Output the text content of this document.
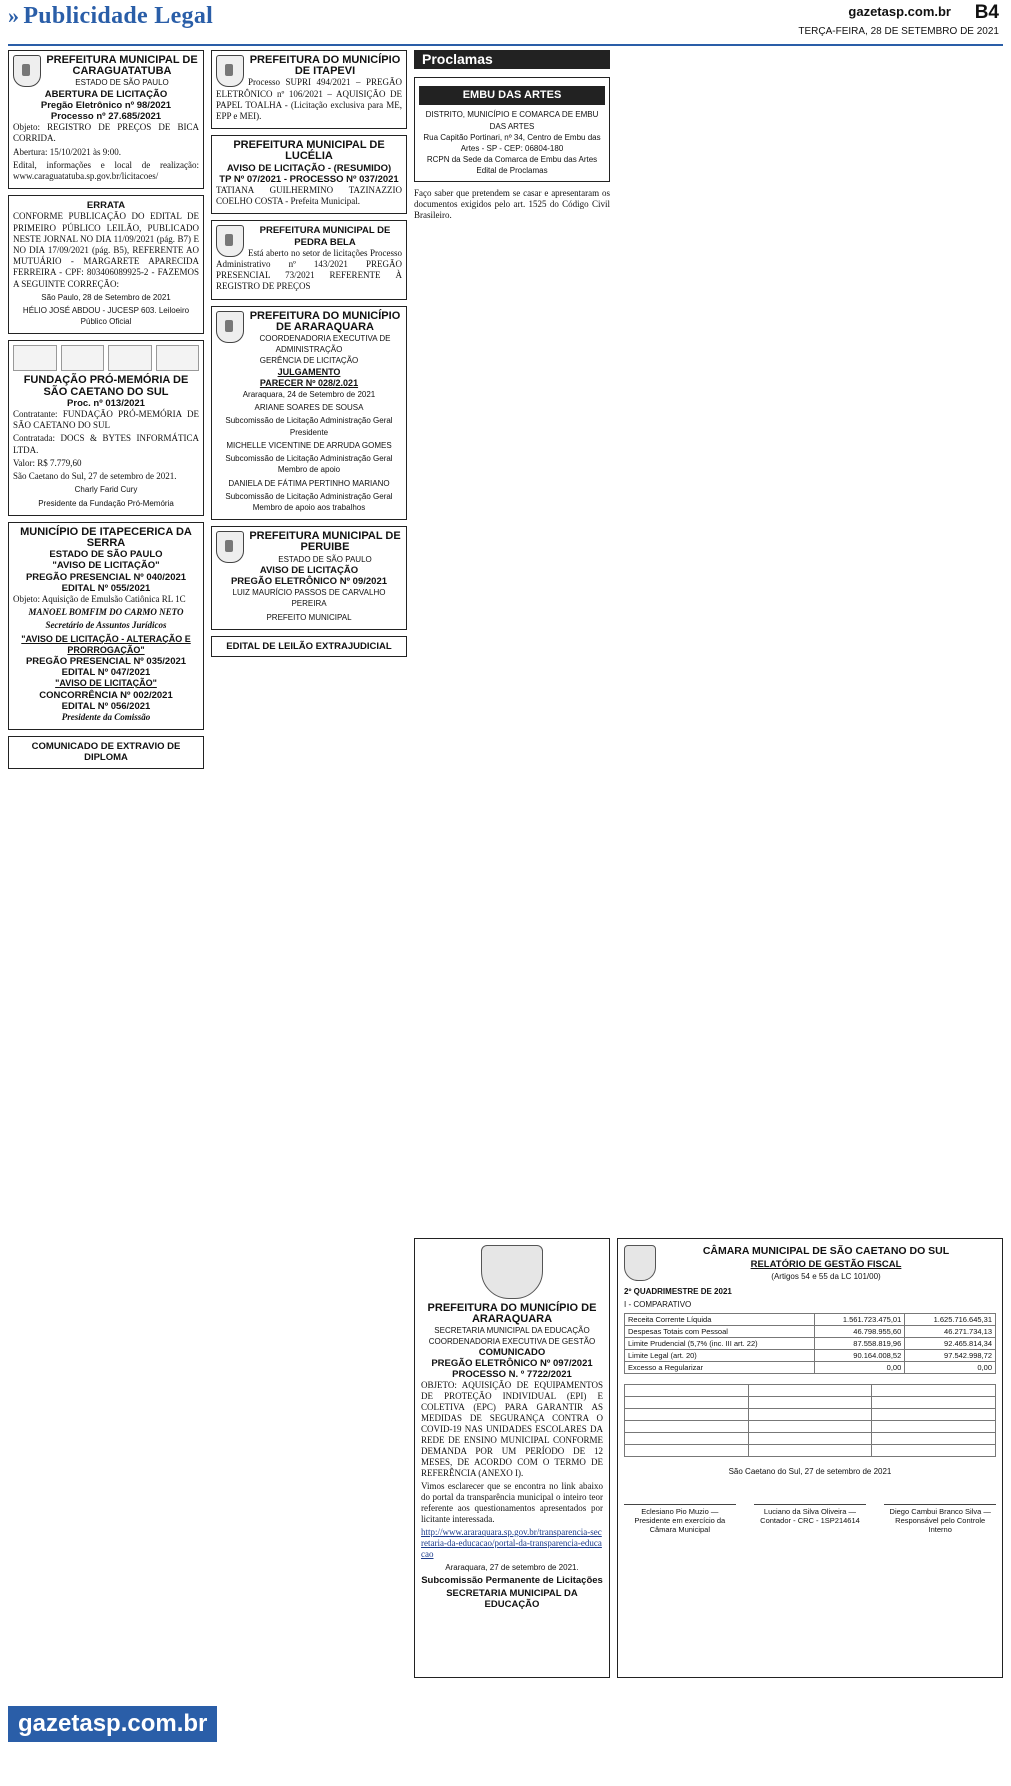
» Publicidade Legal	gazetasp.com.br B4
TERÇA-FEIRA, 28 DE SETEMBRO DE 2021
PREFEITURA MUNICIPAL DE CARAGUATATUBA
ESTADO DE SÃO PAULO
ABERTURA DE LICITAÇÃO
Pregão Eletrônico nº 98/2021
Processo nº 27.685/2021

Objeto: REGISTRO DE PREÇOS DE BICA CORRIDA.

Abertura: 15/10/2021 às 9:00.

Edital, informações e local de realização: www.caraguatatuba.sp.gov.br/licitacoes/

ERRATA

CONFORME PUBLICAÇÃO DO EDITAL DE PRIMEIRO PÚBLICO LEILÃO, PUBLICADO NESTE JORNAL NO DIA 11/09/2021 (pág. B7) E NO DIA 17/09/2021 (pág. B5), REFERENTE AO MUTUÁRIO - MARGARETE APARECIDA FERREIRA - CPF: 803406089925-2 - FAZEMOS A SEGUINTE CORREÇÃO:

São Paulo, 28 de Setembro de 2021

HÉLIO JOSÉ ABDOU - JUCESP 603. Leiloeiro Público Oficial

FUNDAÇÃO PRÓ-MEMÓRIA DE SÃO CAETANO DO SUL
Proc. nº 013/2021

Contratante: FUNDAÇÃO PRÓ-MEMÓRIA DE SÃO CAETANO DO SUL

Contratada: DOCS & BYTES INFORMÁTICA LTDA.

Valor: R$ 7.779,60

São Caetano do Sul, 27 de setembro de 2021.

Charly Farid Cury

Presidente da Fundação Pró-Memória

MUNICÍPIO DE ITAPECERICA DA SERRA
ESTADO DE SÃO PAULO
"AVISO DE LICITAÇÃO"
PREGÃO PRESENCIAL Nº 040/2021
EDITAL Nº 055/2021

Objeto: Aquisição de Emulsão Catiônica RL 1C

MANOEL BOMFIM DO CARMO NETO

Secretário de Assuntos Jurídicos

"AVISO DE LICITAÇÃO - ALTERAÇÃO E PRORROGAÇÃO"
PREGÃO PRESENCIAL Nº 035/2021
EDITAL Nº 047/2021
"AVISO DE LICITAÇÃO"
CONCORRÊNCIA Nº 002/2021
EDITAL Nº 056/2021

Presidente da Comissão

COMUNICADO DE EXTRAVIO DE DIPLOMA
PREFEITURA DO MUNICÍPIO DE ITAPEVI

Processo SUPRI 494/2021 – PREGÃO ELETRÔNICO nº 106/2021 – AQUISIÇÃO DE PAPEL TOALHA - (Licitação exclusiva para ME, EPP e MEI).

PREFEITURA MUNICIPAL DE LUCÉLIA
AVISO DE LICITAÇÃO - (RESUMIDO)
TP Nº 07/2021 - PROCESSO Nº 037/2021

TATIANA GUILHERMINO TAZINAZZIO COELHO COSTA - Prefeita Municipal.

PREFEITURA MUNICIPAL DE PEDRA BELA

Está aberto no setor de licitações Processo Administrativo nº 143/2021 PREGÃO PRESENCIAL 73/2021 REFERENTE À REGISTRO DE PREÇOS

PREFEITURA DO MUNICÍPIO DE ARARAQUARA
COORDENADORIA EXECUTIVA DE ADMINISTRAÇÃO
GERÊNCIA DE LICITAÇÃO
JULGAMENTO
PARECER Nº 028/2.021

Araraquara, 24 de Setembro de 2021

ARIANE SOARES DE SOUSA

Subcomissão de Licitação Administração Geral Presidente

MICHELLE VICENTINE DE ARRUDA GOMES

Subcomissão de Licitação Administração Geral Membro de apoio

DANIELA DE FÁTIMA PERTINHO MARIANO

Subcomissão de Licitação Administração Geral Membro de apoio aos trabalhos

PREFEITURA MUNICIPAL DE PERUIBE
ESTADO DE SÃO PAULO
AVISO DE LICITAÇÃO
PREGÃO ELETRÔNICO Nº 09/2021

LUIZ MAURÍCIO PASSOS DE CARVALHO PEREIRA

PREFEITO MUNICIPAL

EDITAL DE LEILÃO EXTRAJUDICIAL
Proclamas
EMBU DAS ARTES
DISTRITO, MUNICÍPIO E COMARCA DE EMBU DAS ARTES
Rua Capitão Portinari, nº 34, Centro de Embu das Artes - SP - CEP: 06804-180
RCPN da Sede da Comarca de Embu das Artes
Edital de Proclamas

Faço saber que pretendem se casar e apresentaram os documentos exigidos pelo art. 1525 do Código Civil Brasileiro.

PREFEITURA DO MUNICÍPIO DE ARARAQUARA
SECRETARIA MUNICIPAL DA EDUCAÇÃO
COORDENADORIA EXECUTIVA DE GESTÃO
COMUNICADO
PREGÃO ELETRÔNICO Nº 097/2021
PROCESSO N. º 7722/2021

OBJETO: AQUISIÇÃO DE EQUIPAMENTOS DE PROTEÇÃO INDIVIDUAL (EPI) E COLETIVA (EPC) PARA GARANTIR AS MEDIDAS DE SEGURANÇA CONTRA O COVID-19 NAS UNIDADES ESCOLARES DA REDE DE ENSINO MUNICIPAL CONFORME DEMANDA POR UM PERÍODO DE 12 MESES, DE ACORDO COM O TERMO DE REFERÊNCIA (ANEXO I).

Vimos esclarecer que se encontra no link abaixo do portal da transparência municipal o inteiro teor referente aos questionamentos apresentados por licitante interessada.

http://www.araraquara.sp.gov.br/transparencia-secretaria-da-educacao/portal-da-transparencia-educacao

Araraquara, 27 de setembro de 2021.

Subcomissão Permanente de Licitações

SECRETARIA MUNICIPAL DA EDUCAÇÃO

CÂMARA MUNICIPAL DE SÃO CAETANO DO SUL
RELATÓRIO DE GESTÃO FISCAL
(Artigos 54 e 55 da LC 101/00)
2º QUADRIMESTRE DE 2021
I - COMPARATIVO
Receita Corrente Líquida	1.561.723.475,01	1.625.716.645,31
Despesas Totais com Pessoal	46.798.955,60	46.271.734,13
Limite Prudencial (5,7% (inc. III art. 22)	87.558.819,96	92.465.814,34
Limite Legal (art. 20)	90.164.008,52	97.542.998,72
Excesso a Regularizar	0,00	0,00

São Caetano do Sul, 27 de setembro de 2021
Eclesiano Pio Muzio — Presidente em exercício da Câmara Municipal
Luciano da Silva Oliveira — Contador - CRC - 1SP214614
Diego Cambui Branco Silva — Responsável pelo Controle Interno
gazetasp.com.br
